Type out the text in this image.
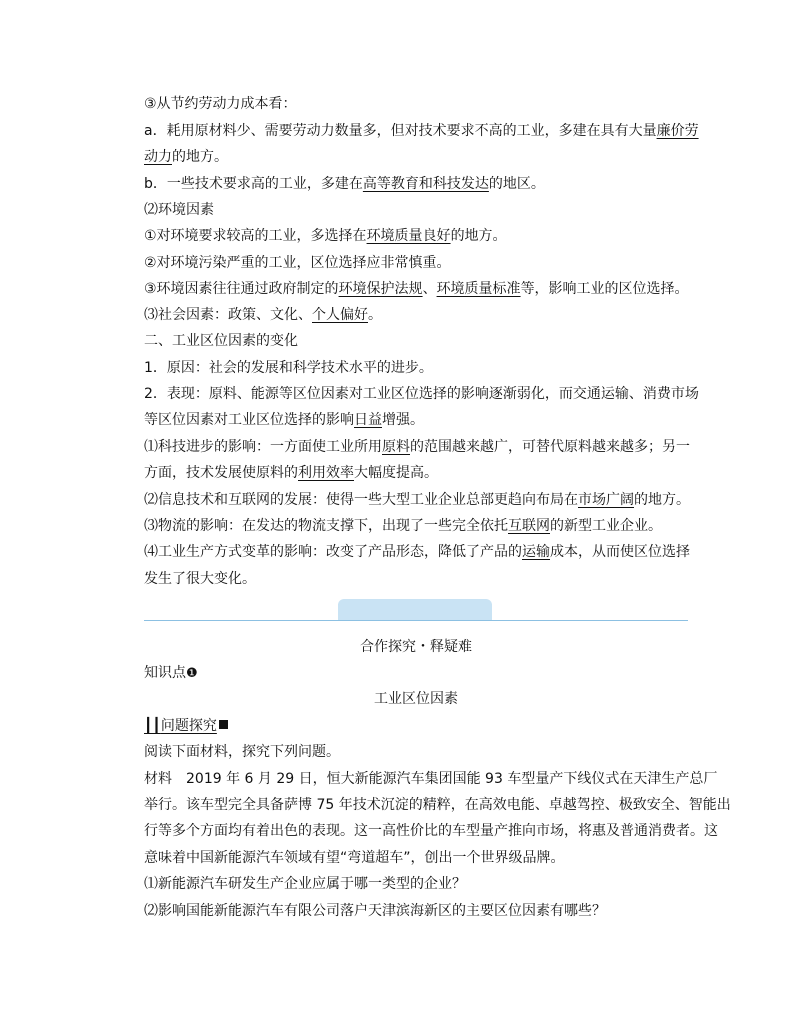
③从节约劳动力成本看：
a．耗用原材料少、需要劳动力数量多，但对技术要求不高的工业，多建在具有大量廉价劳
动力的地方。
b．一些技术要求高的工业，多建在高等教育和科技发达的地区。
⑵环境因素
①对环境要求较高的工业，多选择在环境质量良好的地方。
②对环境污染严重的工业，区位选择应非常慎重。
③环境因素往往通过政府制定的环境保护法规、环境质量标准等，影响工业的区位选择。
⑶社会因素：政策、文化、个人偏好。
二、工业区位因素的变化
1．原因：社会的发展和科学技术水平的进步。
2．表现：原料、能源等区位因素对工业区位选择的影响逐渐弱化，而交通运输、消费市场
等区位因素对工业区位选择的影响日益增强。
⑴科技进步的影响：一方面使工业所用原料的范围越来越广，可替代原料越来越多；另一
方面，技术发展使原料的利用效率大幅度提高。
⑵信息技术和互联网的发展：使得一些大型工业企业总部更趋向布局在市场广阔的地方。
⑶物流的影响：在发达的物流支撑下，出现了一些完全依托互联网的新型工业企业。
⑷工业生产方式变革的影响：改变了产品形态，降低了产品的运输成本，从而使区位选择
发生了很大变化。
合作探究・释疑难
知识点❶
工业区位因素
┃┃问题探究
阅读下面材料，探究下列问题。
材料　2019 年 6 月 29 日，恒大新能源汽车集团国能 93 车型量产下线仪式在天津生产总厂
举行。该车型完全具备萨博 75 年技术沉淀的精粹，在高效电能、卓越驾控、极致安全、智能出
行等多个方面均有着出色的表现。这一高性价比的车型量产推向市场，将惠及普通消费者。这
意味着中国新能源汽车领域有望“弯道超车”，创出一个世界级品牌。
⑴新能源汽车研发生产企业应属于哪一类型的企业？
⑵影响国能新能源汽车有限公司落户天津滨海新区的主要区位因素有哪些？
